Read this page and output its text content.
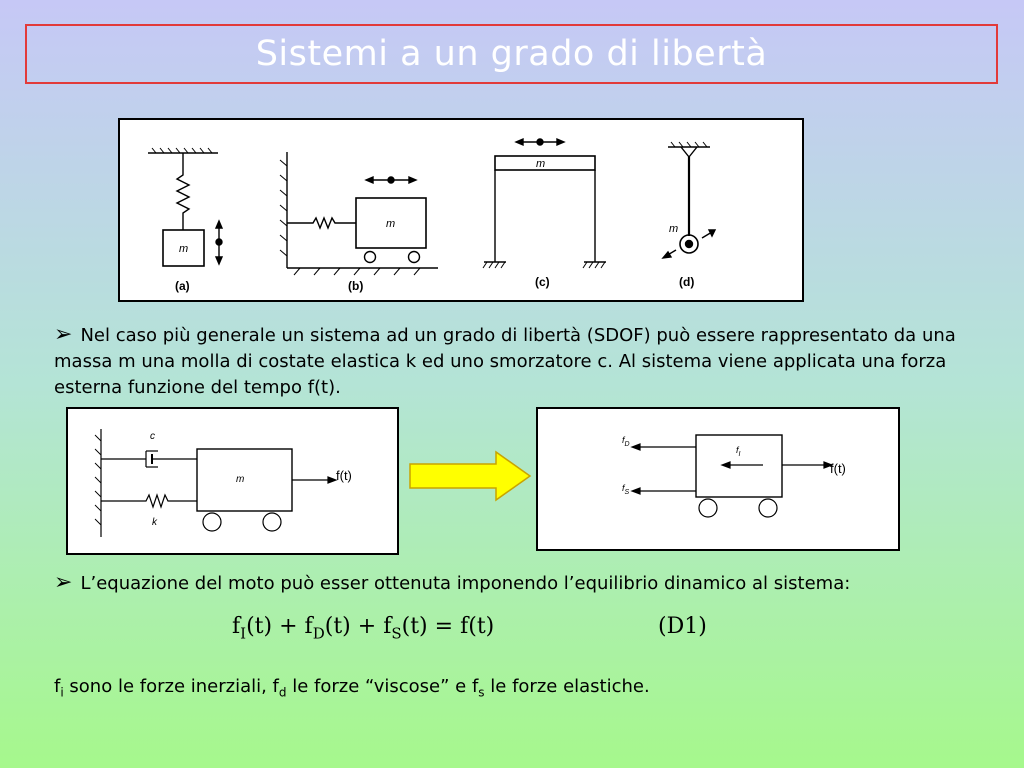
Sistemi a un grado di libertà
m
m
m
m
(a)	(b)	(c)	(d)
➢ Nel caso più generale un sistema ad un grado di libertà (SDOF) può essere rappresentato da una massa m una molla di costate elastica k ed uno smorzatore c. Al sistema viene applicata una forza esterna funzione del tempo f(t).
c
k
m	f(t)
$f_D$
$f_S$
$f_I$
f(t)
➢ L’equazione del moto può esser ottenuta imponendo l’equilibrio dinamico al sistema:
$f_I(t) + f_D(t) + f_S(t) = f(t)$	(D1)
$f_i$ sono le forze inerziali, $f_d$ le forze “viscose” e $f_s$ le forze elastiche.
